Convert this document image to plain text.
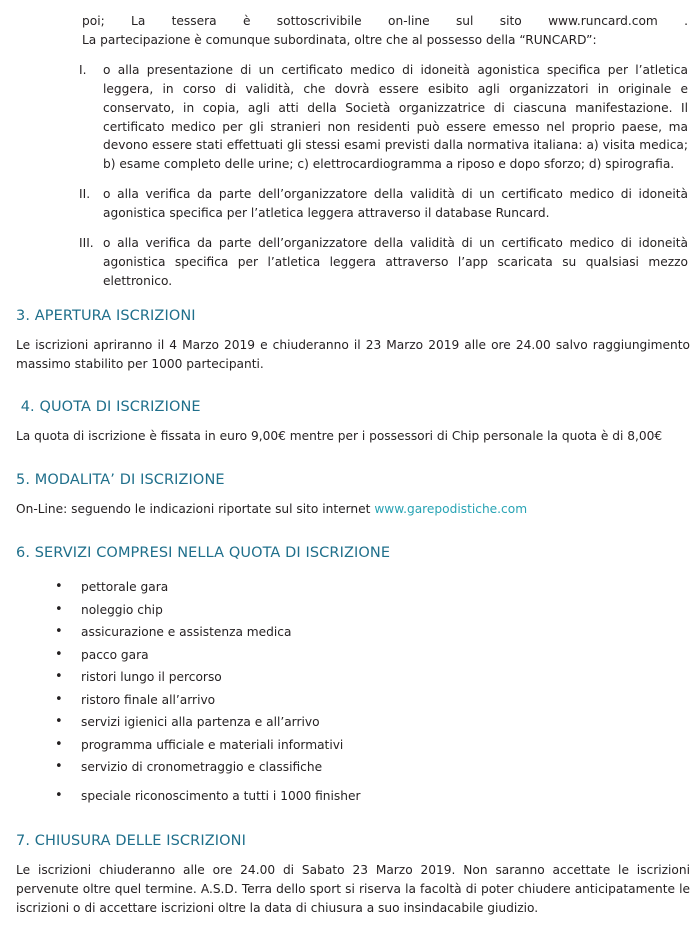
poi; La tessera è sottoscrivibile on-line sul sito www.runcard.com .

La partecipazione è comunque subordinata, oltre che al possesso della “RUNCARD”:

I. o alla presentazione di un certificato medico di idoneità agonistica specifica per l’atletica leggera, in corso di validità, che dovrà essere esibito agli organizzatori in originale e conservato, in copia, agli atti della Società organizzatrice di ciascuna manifestazione. Il certificato medico per gli stranieri non residenti può essere emesso nel proprio paese, ma devono essere stati effettuati gli stessi esami previsti dalla normativa italiana: a) visita medica; b) esame completo delle urine; c) elettrocardiogramma a riposo e dopo sforzo; d) spirografia.
II. o alla verifica da parte dell’organizzatore della validità di un certificato medico di idoneità agonistica specifica per l’atletica leggera attraverso il database Runcard.
III. o alla verifica da parte dell’organizzatore della validità di un certificato medico di idoneità agonistica specifica per l’atletica leggera attraverso l’app scaricata su qualsiasi mezzo elettronico.
3. APERTURA ISCRIZIONI

Le iscrizioni apriranno il 4 Marzo 2019 e chiuderanno il 23 Marzo 2019 alle ore 24.00 salvo raggiungimento massimo stabilito per 1000 partecipanti.

4. QUOTA DI ISCRIZIONE

La quota di iscrizione è fissata in euro 9,00€ mentre per i possessori di Chip personale la quota è di 8,00€

5. MODALITA’ DI ISCRIZIONE

On-Line: seguendo le indicazioni riportate sul sito internet www.garepodistiche.com

6. SERVIZI COMPRESI NELLA QUOTA DI ISCRIZIONE
• pettorale gara
• noleggio chip
• assicurazione e assistenza medica
• pacco gara
• ristori lungo il percorso
• ristoro finale all’arrivo
• servizi igienici alla partenza e all’arrivo
• programma ufficiale e materiali informativi
• servizio di cronometraggio e classifiche
• speciale riconoscimento a tutti i 1000 finisher
7. CHIUSURA DELLE ISCRIZIONI

Le iscrizioni chiuderanno alle ore 24.00 di Sabato 23 Marzo 2019. Non saranno accettate le iscrizioni pervenute oltre quel termine. A.S.D. Terra dello sport si riserva la facoltà di poter chiudere anticipatamente le iscrizioni o di accettare iscrizioni oltre la data di chiusura a suo insindacabile giudizio.
